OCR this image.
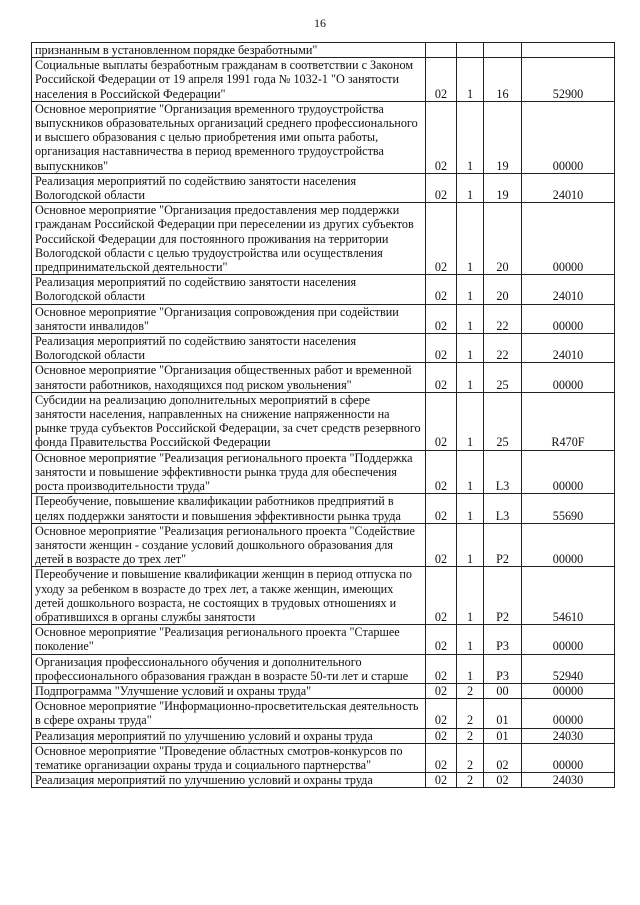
16
признанным в установленном порядке безработными"				
Социальные выплаты безработным гражданам в соответствии с Законом Российской Федерации от 19 апреля 1991 года № 1032-1 "О занятости населения в Российской Федерации"	02	1	16	52900
Основное мероприятие "Организация временного трудоустройства выпускников образовательных организаций среднего профессионального и высшего образования с целью приобретения ими опыта работы, организация наставничества в период временного трудоустройства выпускников"	02	1	19	00000
Реализация мероприятий по содействию занятости населения Вологодской области	02	1	19	24010
Основное мероприятие "Организация предоставления мер поддержки гражданам Российской Федерации при переселении из других субъектов Российской Федерации для постоянного проживания на территории Вологодской области с целью трудоустройства или осуществления предпринимательской деятельности"	02	1	20	00000
Реализация мероприятий по содействию занятости населения Вологодской области	02	1	20	24010
Основное мероприятие "Организация сопровождения при содействии занятости инвалидов"	02	1	22	00000
Реализация мероприятий по содействию занятости населения Вологодской области	02	1	22	24010
Основное мероприятие "Организация общественных работ и временной занятости работников, находящихся под риском увольнения"	02	1	25	00000
Субсидии на реализацию дополнительных мероприятий в сфере занятости населения, направленных на снижение напряженности на рынке труда субъектов Российской Федерации, за счет средств резервного фонда Правительства Российской Федерации	02	1	25	R470F
Основное мероприятие "Реализация регионального проекта "Поддержка занятости и повышение эффективности рынка труда для обеспечения роста производительности труда"	02	1	L3	00000
Переобучение, повышение квалификации работников предприятий в целях поддержки занятости и повышения эффективности рынка труда	02	1	L3	55690
Основное мероприятие "Реализация регионального проекта "Содействие занятости женщин - создание условий дошкольного образования для детей в возрасте до трех лет"	02	1	P2	00000
Переобучение и повышение квалификации женщин в период отпуска по уходу за ребенком в возрасте до трех лет, а также женщин, имеющих детей дошкольного возраста, не состоящих в трудовых отношениях и обратившихся в органы службы занятости	02	1	P2	54610
Основное мероприятие "Реализация регионального проекта "Старшее поколение"	02	1	P3	00000
Организация профессионального обучения и дополнительного профессионального образования граждан в возрасте 50-ти лет и старше	02	1	P3	52940
Подпрограмма "Улучшение условий и охраны труда"	02	2	00	00000
Основное мероприятие "Информационно-просветительская деятельность в сфере охраны труда"	02	2	01	00000
Реализация мероприятий по улучшению условий и охраны труда	02	2	01	24030
Основное мероприятие "Проведение областных смотров-конкурсов по тематике организации охраны труда и социального партнерства"	02	2	02	00000
Реализация мероприятий по улучшению условий и охраны труда	02	2	02	24030
